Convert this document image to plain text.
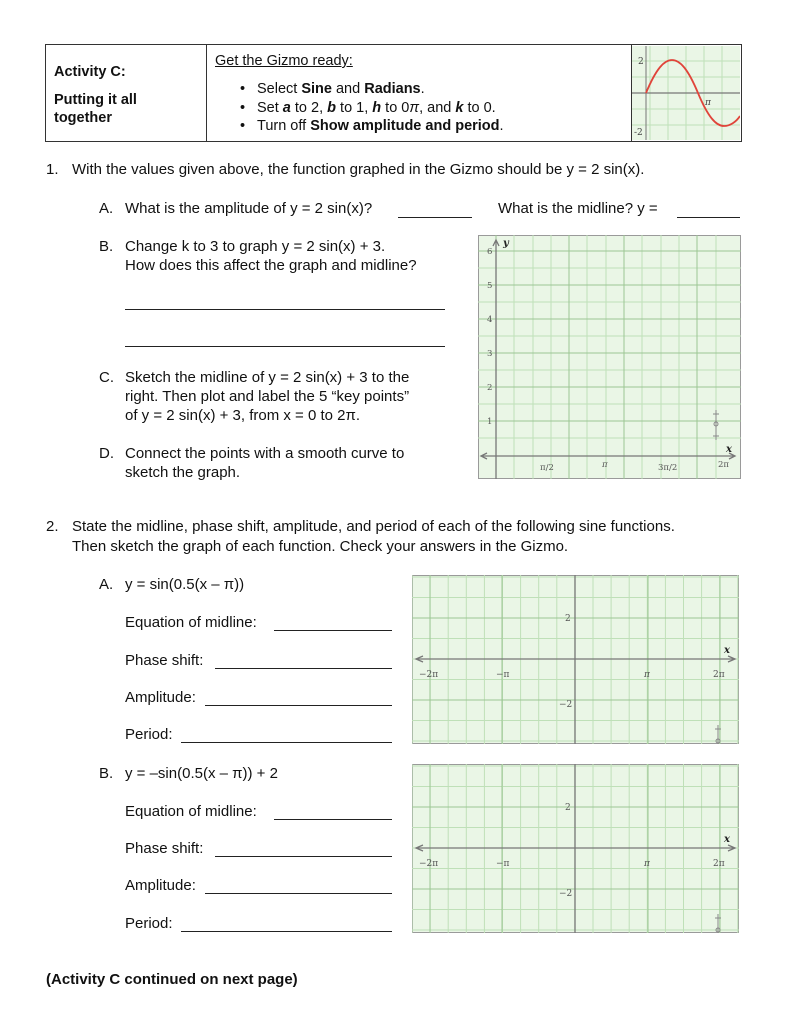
Activity C:
Putting it all
together
Get the Gizmo ready:
• Select Sine and Radians.
• Set a to 2, b to 1, h to 0π, and k to 0.
• Turn off Show amplitude and period.
2
-2
π
1. With the values given above, the function graphed in the Gizmo should be y = 2 sin(x).
A. What is the amplitude of y = 2 sin(x)?	What is the midline? y =
B. Change k to 3 to graph y = 2 sin(x) + 3.
How does this affect the graph and midline?
C. Sketch the midline of y = 2 sin(x) + 3 to the
right. Then plot and label the 5 “key points”
of y = 2 sin(x) + 3, from x = 0 to 2π.
D. Connect the points with a smooth curve to
sketch the graph.
y
x
6
5
4
3
2
1
π/2	π	3π/2	2π
2. State the midline, phase shift, amplitude, and period of each of the following sine functions.
Then sketch the graph of each function. Check your answers in the Gizmo.
A. y = sin(0.5(x – π))
Equation of midline:
Phase shift:
Amplitude:
Period:
B. y = –sin(0.5(x – π)) + 2
Equation of midline:
Phase shift:
Amplitude:
Period:
x
−2π	−π	π	2π
2
−2
x
−2π	−π	π	2π
2
−2
(Activity C continued on next page)
